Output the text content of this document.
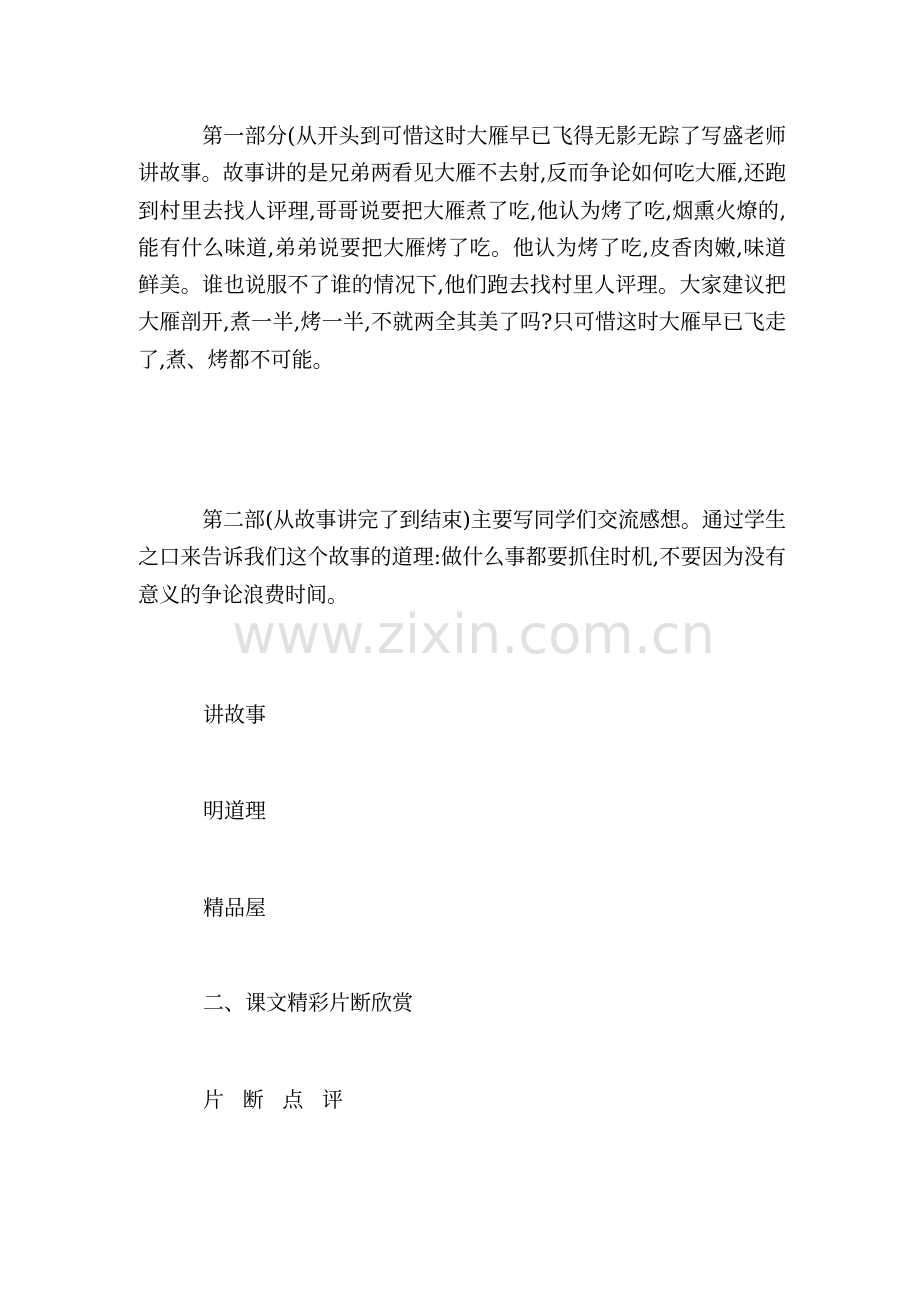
第一部分(从开头到可惜这时大雁早已飞得无影无踪了写盛老师讲故事。故事讲的是兄弟两看见大雁不去射,反而争论如何吃大雁,还跑到村里去找人评理,哥哥说要把大雁煮了吃,他认为烤了吃,烟熏火燎的,能有什么味道,弟弟说要把大雁烤了吃。他认为烤了吃,皮香肉嫩,味道鲜美。谁也说服不了谁的情况下,他们跑去找村里人评理。大家建议把大雁剖开,煮一半,烤一半,不就两全其美了吗?只可惜这时大雁早已飞走了,煮、烤都不可能。

第二部(从故事讲完了到结束)主要写同学们交流感想。通过学生之口来告诉我们这个故事的道理:做什么事都要抓住时机,不要因为没有意义的争论浪费时间。

www.zixin.com.cn

讲故事

明道理

精品屋

二、课文精彩片断欣赏

片 断 点 评
